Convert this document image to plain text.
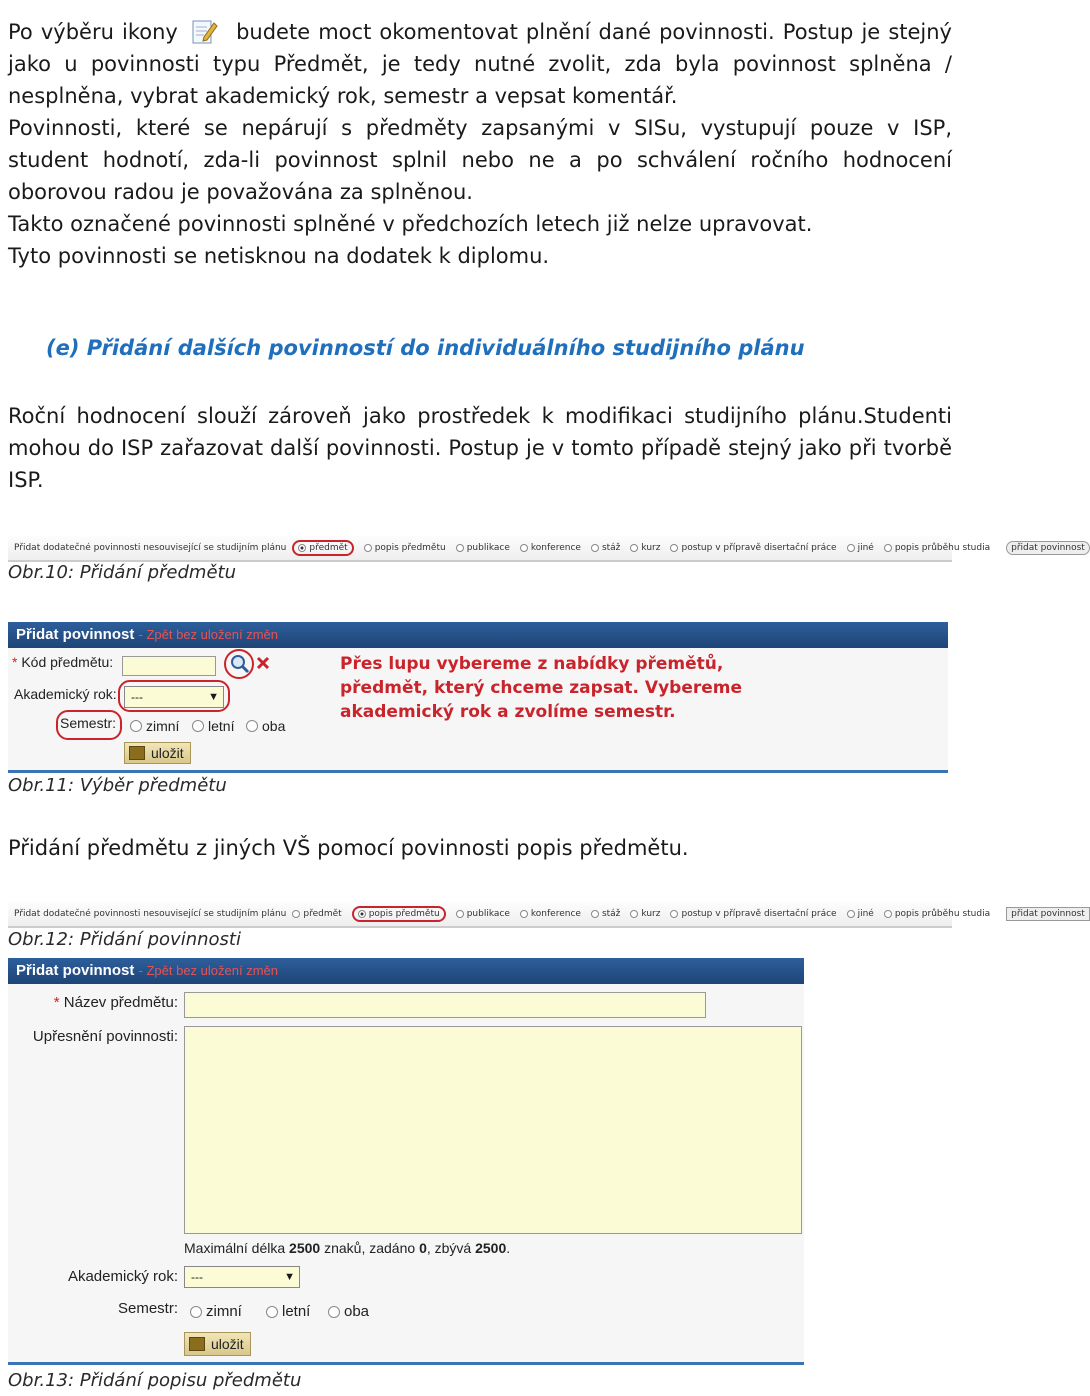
Po výběru ikony	budete moct okomentovat plnění dané povinnosti. Postup je stejný jako u povinnosti typu Předmět, je tedy nutné zvolit, zda byla povinnost splněna / nesplněna, vybrat akademický rok, semestr a vepsat komentář.

Povinnosti, které se nepárují s předměty zapsanými v SISu, vystupují pouze v ISP, student hodnotí, zda-li povinnost splnil nebo ne a po schválení ročního hodnocení oborovou radou je považována za splněnou.

Takto označené povinnosti splněné v předchozích letech již nelze upravovat.

Tyto povinnosti se netisknou na dodatek k diplomu.

(e) Přidání dalších povinností do individuálního studijního plánu

Roční hodnocení slouží zároveň jako prostředek k modifikaci studijního plánu.Studenti mohou do ISP zařazovat další povinnosti. Postup je v tomto případě stejný jako při tvorbě ISP.

Přidat dodatečné povinnosti nesouvisející se studijním plánu	předmět	popis předmětu publikace konference stáž kurz postup v přípravě disertační práce jiné popis průběhu studia	přidat povinnost

Obr.10: Přidání předmětu

Přidat povinnost - Zpět bez uložení změn
* Kód předmětu:
Akademický rok:	---	▼
Semestr: zimní letní oba
uložit
Přes lupu vybereme z nabídky přemětů, předmět, který chceme zapsat. Vybereme akademický rok a zvolíme semestr.

Obr.11: Výběr předmětu

Přidání předmětu z jiných VŠ pomocí povinnosti popis předmětu.

Přidat dodatečné povinnosti nesouvisející se studijním plánu předmět	popis předmětu	publikace konference stáž kurz postup v přípravě disertační práce jiné popis průběhu studia	přidat povinnost

Obr.12: Přidání povinnosti

Přidat povinnost - Zpět bez uložení změn
* Název předmětu:
Upřesnění povinnosti:
Maximální délka 2500 znaků, zadáno 0, zbývá 2500.
Akademický rok:	---	▼
Semestr: zimní	letní oba
uložit

Obr.13: Přidání popisu předmětu
